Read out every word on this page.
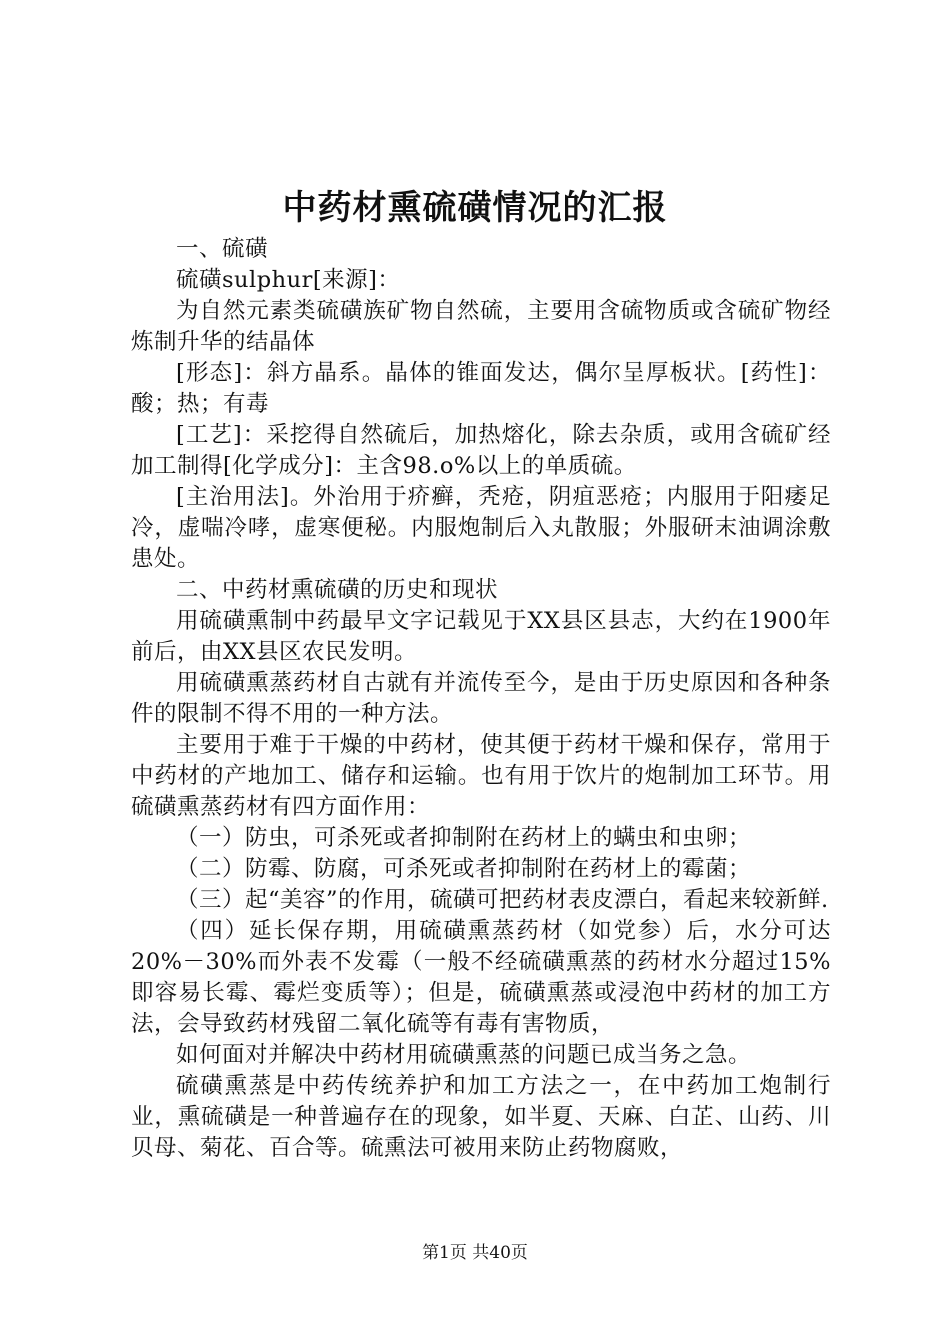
中药材熏硫磺情况的汇报

一、硫磺

硫磺sulphur[来源]：

为自然元素类硫磺族矿物自然硫，主要用含硫物质或含硫矿物经炼制升华的结晶体

[形态]：斜方晶系。晶体的锥面发达，偶尔呈厚板状。[药性]：酸；热；有毒

[工艺]：采挖得自然硫后，加热熔化，除去杂质，或用含硫矿经加工制得[化学成分]：主含98.o%以上的单质硫。

[主治用法]。外治用于疥癣，秃疮，阴疽恶疮；内服用于阳痿足冷，虚喘冷哮，虚寒便秘。内服炮制后入丸散服；外服研末油调涂敷患处。

二、中药材熏硫磺的历史和现状

用硫磺熏制中药最早文字记载见于XX县区县志，大约在1900年前后，由XX县区农民发明。

用硫磺熏蒸药材自古就有并流传至今，是由于历史原因和各种条件的限制不得不用的一种方法。

主要用于难于干燥的中药材，使其便于药材干燥和保存，常用于中药材的产地加工、储存和运输。也有用于饮片的炮制加工环节。用硫磺熏蒸药材有四方面作用：

（一）防虫，可杀死或者抑制附在药材上的螨虫和虫卵；

（二）防霉、防腐，可杀死或者抑制附在药材上的霉菌；

（三）起“美容”的作用，硫磺可把药材表皮漂白，看起来较新鲜.

（四）延长保存期，用硫磺熏蒸药材（如党参）后，水分可达20%－30%而外表不发霉（一般不经硫磺熏蒸的药材水分超过15%即容易长霉、霉烂变质等）；但是，硫磺熏蒸或浸泡中药材的加工方法，会导致药材残留二氧化硫等有毒有害物质，

如何面对并解决中药材用硫磺熏蒸的问题已成当务之急。

硫磺熏蒸是中药传统养护和加工方法之一，在中药加工炮制行业，熏硫磺是一种普遍存在的现象，如半夏、天麻、白芷、山药、川贝母、菊花、百合等。硫熏法可被用来防止药物腐败，

第1页 共40页
